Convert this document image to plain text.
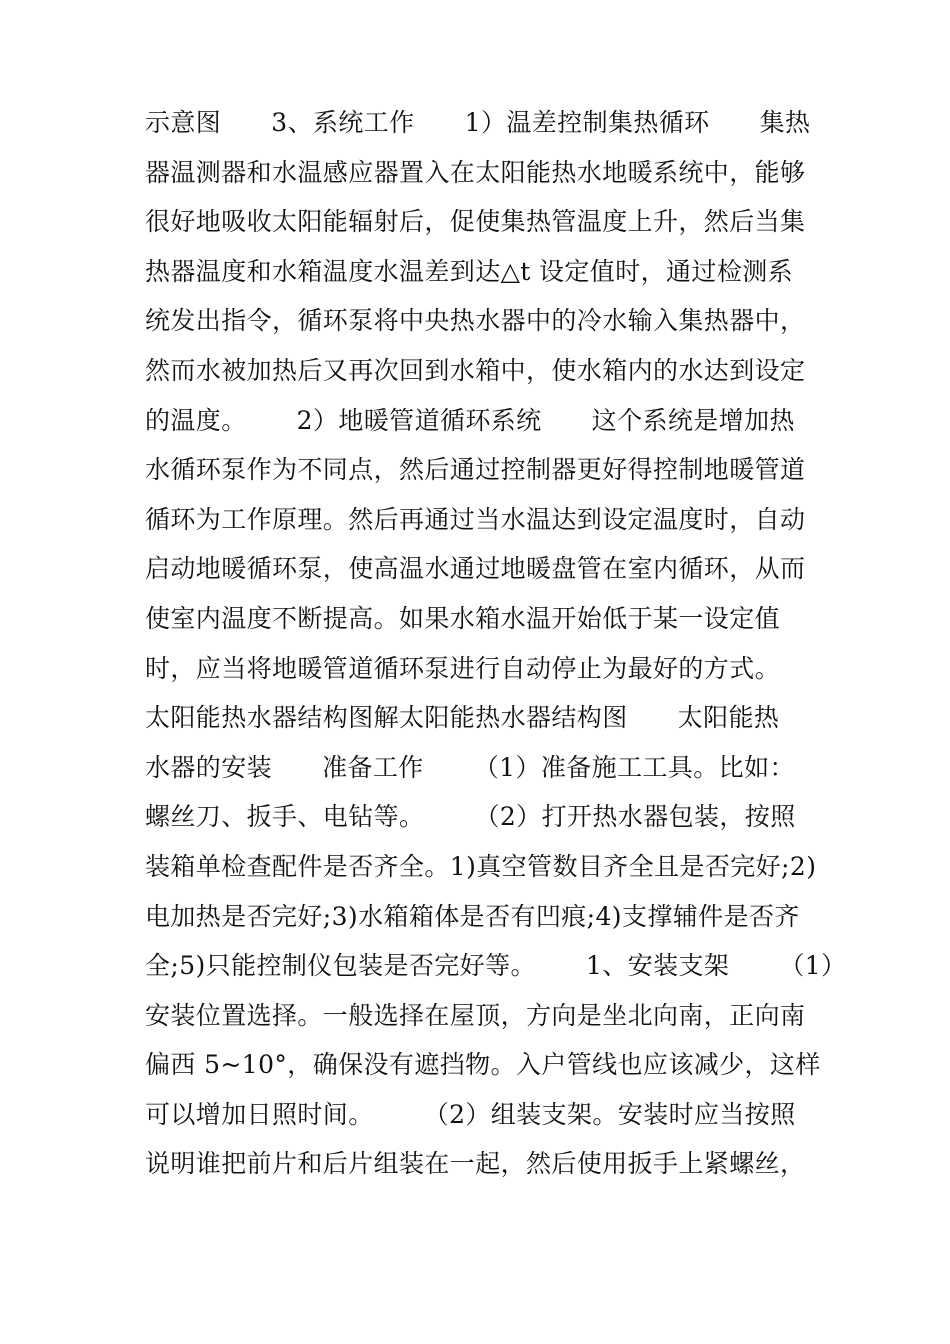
示意图      3、系统工作      1）温差控制集热循环      集热
器温测器和水温感应器置入在太阳能热水地暖系统中，能够
很好地吸收太阳能辐射后，促使集热管温度上升，然后当集
热器温度和水箱温度水温差到达△t 设定值时，通过检测系
统发出指令，循环泵将中央热水器中的冷水输入集热器中，
然而水被加热后又再次回到水箱中，使水箱内的水达到设定
的温度。      2）地暖管道循环系统      这个系统是增加热
水循环泵作为不同点，然后通过控制器更好得控制地暖管道
循环为工作原理。然后再通过当水温达到设定温度时，自动
启动地暖循环泵，使高温水通过地暖盘管在室内循环，从而
使室内温度不断提高。如果水箱水温开始低于某一设定值
时，应当将地暖管道循环泵进行自动停止为最好的方式。
太阳能热水器结构图解太阳能热水器结构图      太阳能热
水器的安装      准备工作      （1）准备施工工具。比如：
螺丝刀、扳手、电钻等。      （2）打开热水器包装，按照
装箱单检查配件是否齐全。1)真空管数目齐全且是否完好;2)
电加热是否完好;3)水箱箱体是否有凹痕;4)支撑辅件是否齐
全;5)只能控制仪包装是否完好等。      1、安装支架      （1）
安装位置选择。一般选择在屋顶，方向是坐北向南，正向南
偏西 5~10°，确保没有遮挡物。入户管线也应该减少，这样
可以增加日照时间。      （2）组装支架。安装时应当按照
说明谁把前片和后片组装在一起，然后使用扳手上紧螺丝，
